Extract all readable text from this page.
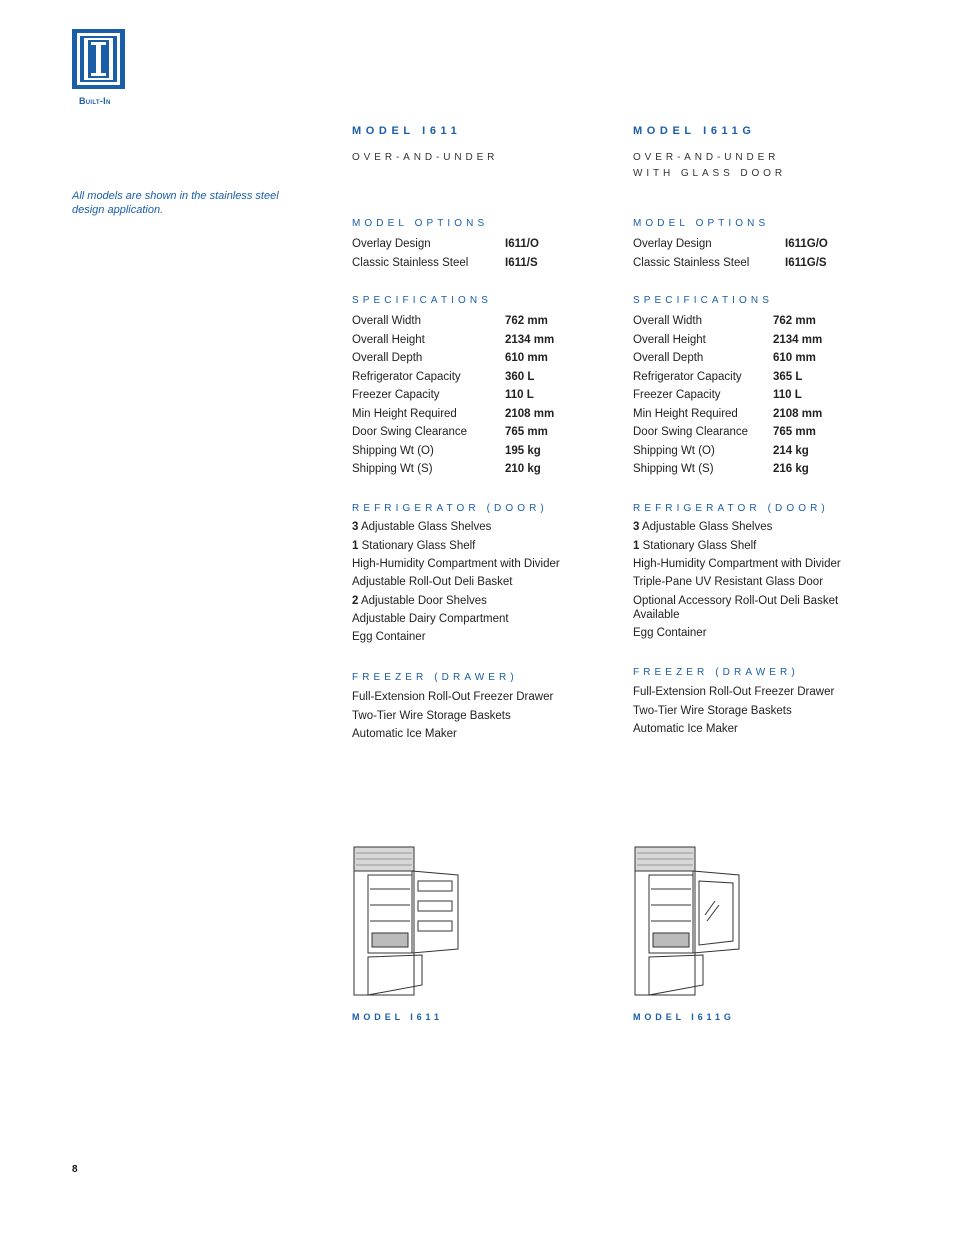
Built-In
All models are shown in the stainless steel design application.
MODEL I611
OVER-AND-UNDER
MODEL OPTIONS
Overlay Design	I611/O
Classic Stainless Steel	I611/S
SPECIFICATIONS
Overall Width	762 mm
Overall Height	2134 mm
Overall Depth	610 mm
Refrigerator Capacity	360 L
Freezer Capacity	110 L
Min Height Required	2108 mm
Door Swing Clearance	765 mm
Shipping Wt (O)	195 kg
Shipping Wt (S)	210 kg
REFRIGERATOR (DOOR)
3 Adjustable Glass Shelves
1 Stationary Glass Shelf
High-Humidity Compartment with Divider
Adjustable Roll-Out Deli Basket
2 Adjustable Door Shelves
Adjustable Dairy Compartment
Egg Container
FREEZER (DRAWER)
Full-Extension Roll-Out Freezer Drawer
Two-Tier Wire Storage Baskets
Automatic Ice Maker
MODEL I611
MODEL I611G
OVER-AND-UNDER
WITH GLASS DOOR
MODEL OPTIONS
Overlay Design	I611G/O
Classic Stainless Steel	I611G/S
SPECIFICATIONS
Overall Width	762 mm
Overall Height	2134 mm
Overall Depth	610 mm
Refrigerator Capacity	365 L
Freezer Capacity	110 L
Min Height Required	2108 mm
Door Swing Clearance 765 mm
Shipping Wt (O)	214 kg
Shipping Wt (S)	216 kg
REFRIGERATOR (DOOR)
3 Adjustable Glass Shelves
1 Stationary Glass Shelf
High-Humidity Compartment with Divider
Triple-Pane UV Resistant Glass Door
Optional Accessory Roll-Out Deli Basket Available
Egg Container
FREEZER (DRAWER)
Full-Extension Roll-Out Freezer Drawer
Two-Tier Wire Storage Baskets
Automatic Ice Maker
MODEL I611G
8
